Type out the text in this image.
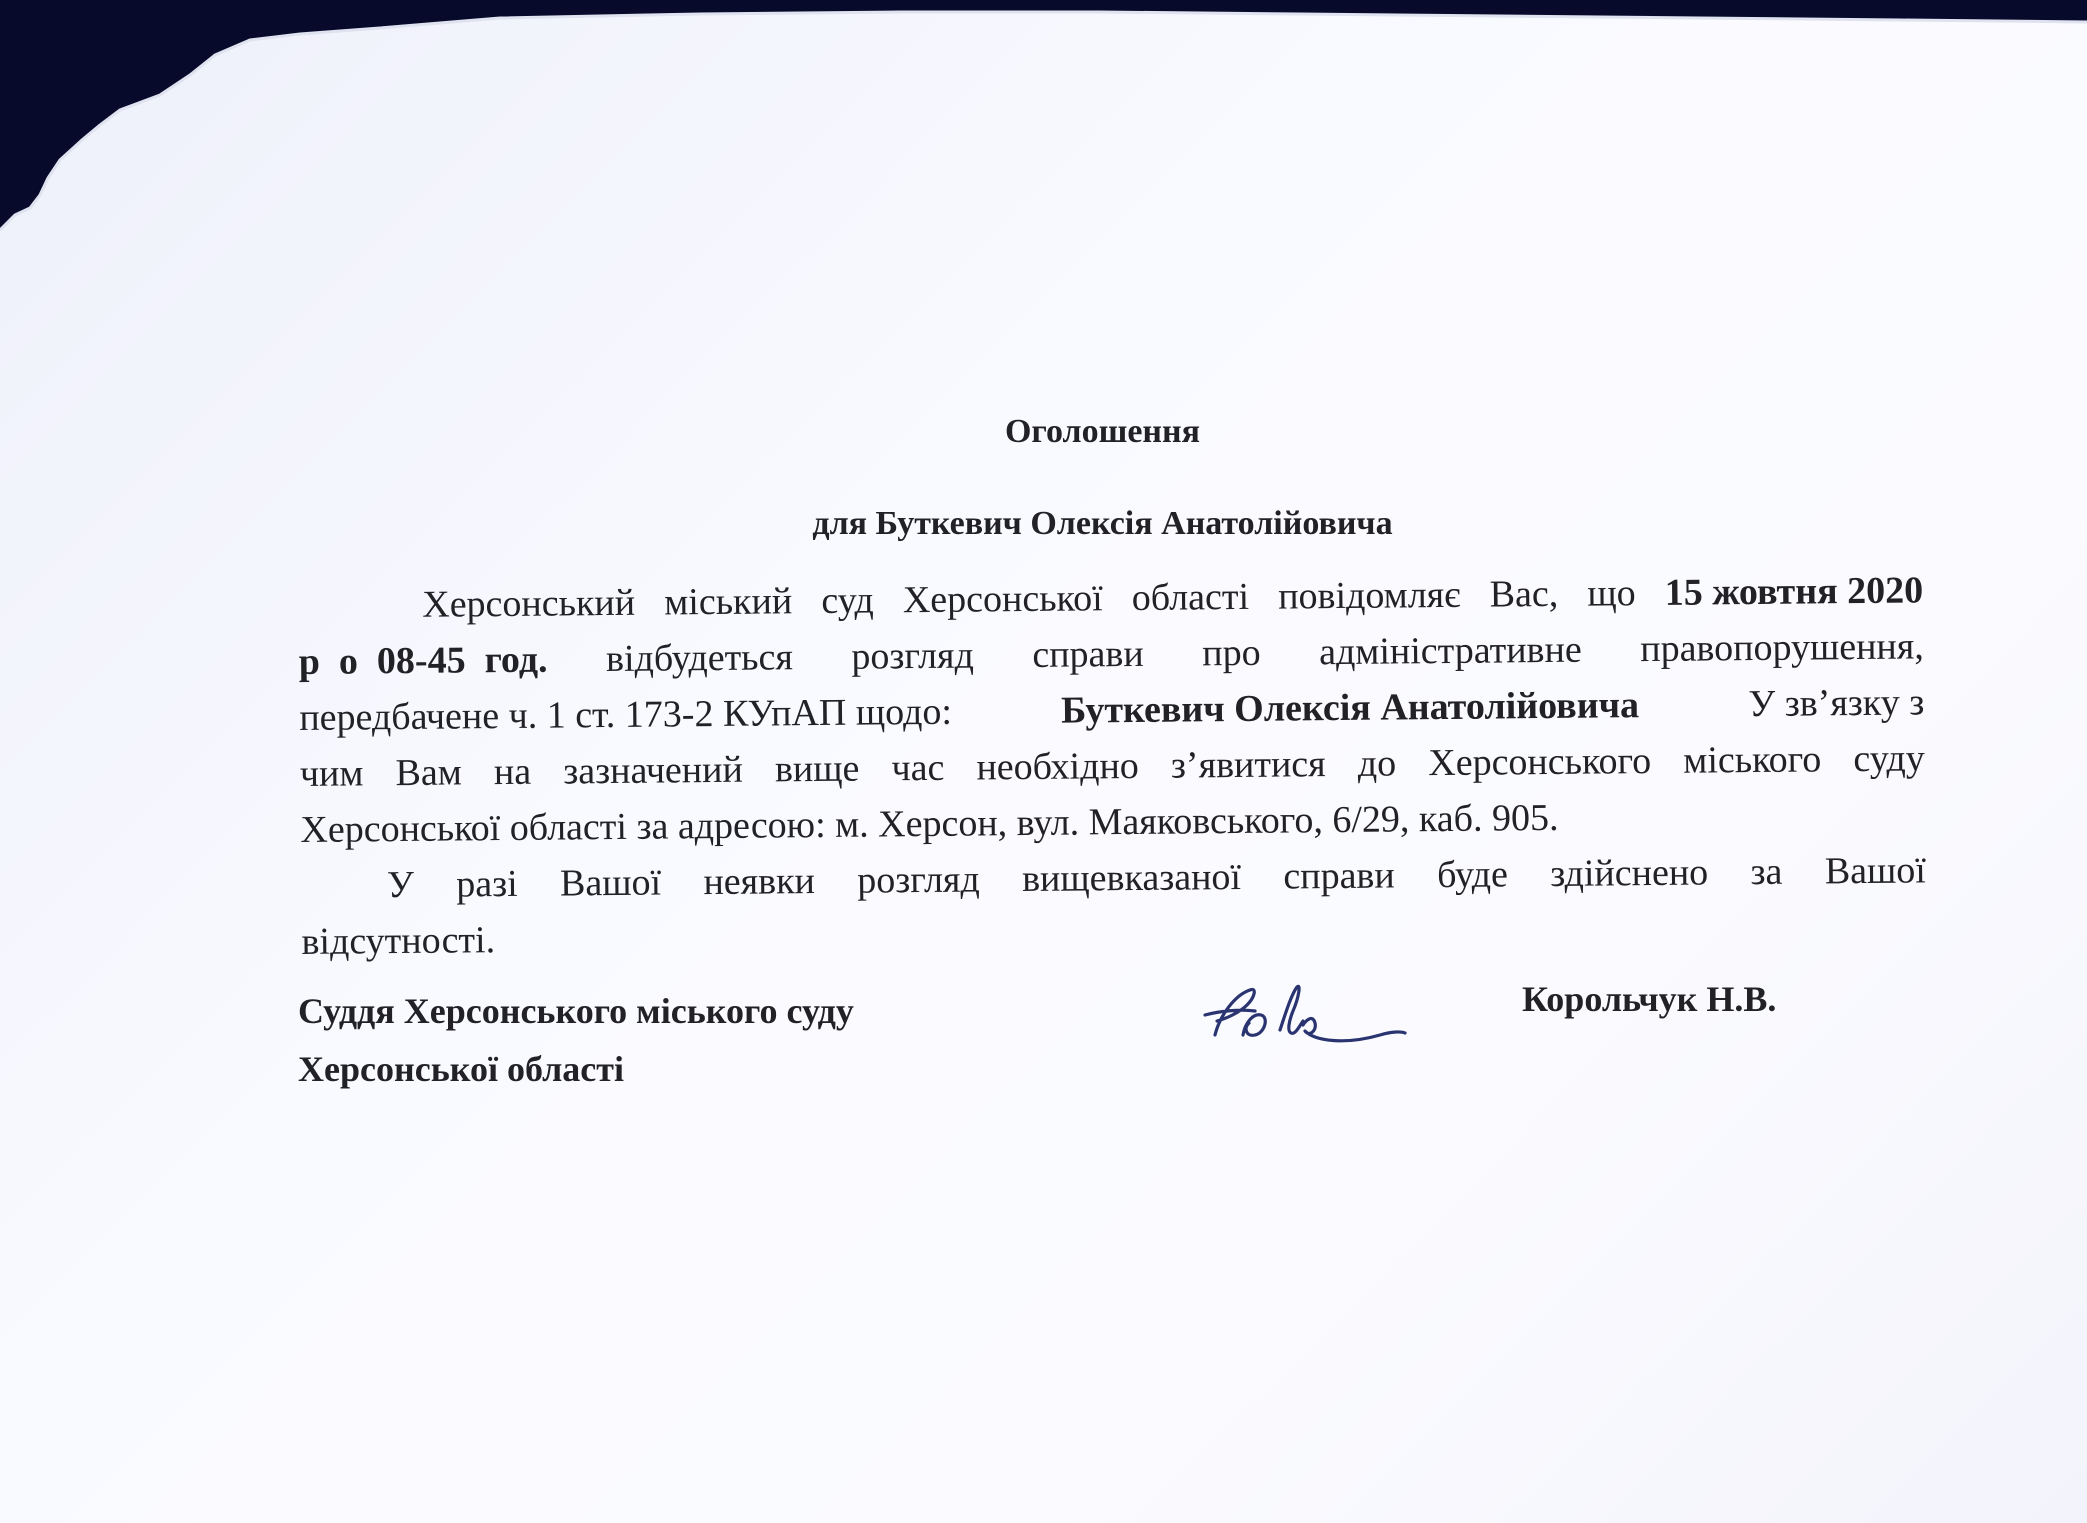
Оголошення
для Буткевич Олексія Анатолійовича
Херсонський міський суд Херсонської області повідомляє Вас, що 15 жовтня 2020
р  о  08-45  год. відбудеться розгляд справи про адміністративне правопорушення,
передбачене ч. 1 ст. 173-2 КУпАП щодо:	Буткевич Олексія Анатолійовича	У зв’язку з
чим Вам на зазначений вище час необхідно з’явитися до Херсонського міського суду
Херсонської області за адресою: м. Херсон, вул. Маяковського, 6/29, каб. 905.
У разі Вашої неявки розгляд вищевказаної справи буде здійснено за Вашої
відсутності.
Суддя Херсонського міського суду
Херсонської області
Корольчук Н.В.
